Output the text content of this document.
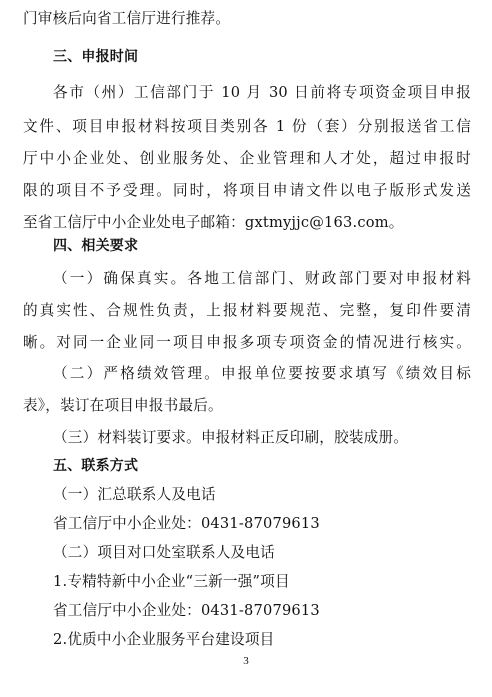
门审核后向省工信厅进行推荐。
三、申报时间
各市（州）工信部门于 10 月 30 日前将专项资金项目申报
文件、项目申报材料按项目类别各 1 份（套）分别报送省工信
厅中小企业处、创业服务处、企业管理和人才处，超过申报时
限的项目不予受理。同时，将项目申请文件以电子版形式发送
至省工信厅中小企业处电子邮箱：gxtmyjjc@163.com。
四、相关要求
（一）确保真实。各地工信部门、财政部门要对申报材料
的真实性、合规性负责，上报材料要规范、完整，复印件要清
晰。对同一企业同一项目申报多项专项资金的情况进行核实。
（二）严格绩效管理。申报单位要按要求填写《绩效目标
表》，装订在项目申报书最后。
（三）材料装订要求。申报材料正反印刷，胶装成册。
五、联系方式
（一）汇总联系人及电话
省工信厅中小企业处：0431-87079613
（二）项目对口处室联系人及电话
1.专精特新中小企业“三新一强”项目
省工信厅中小企业处：0431-87079613
2.优质中小企业服务平台建设项目
3
